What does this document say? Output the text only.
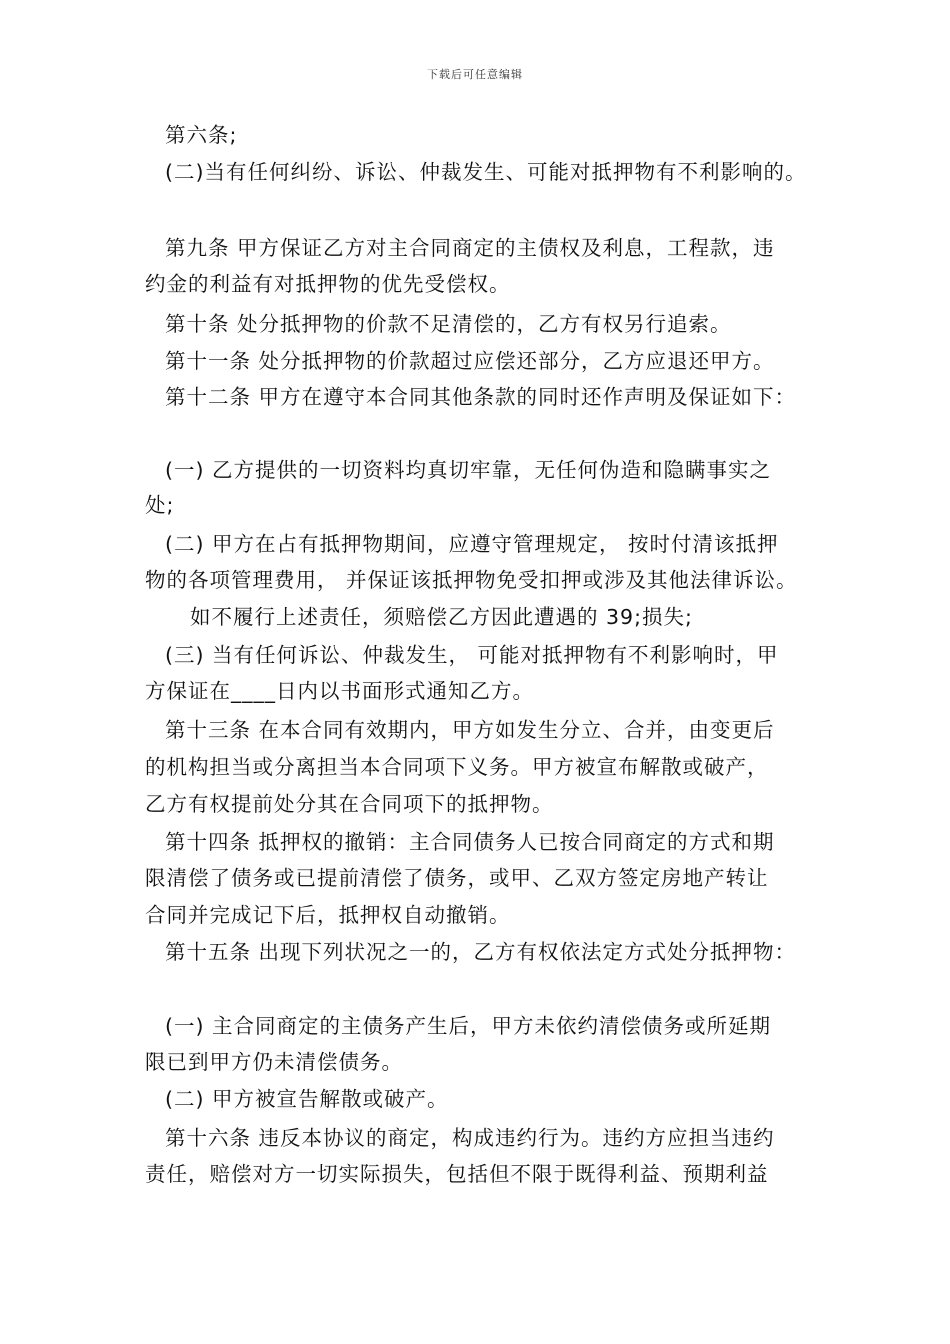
下载后可任意编辑
第六条;
(二)当有任何纠纷、诉讼、仲裁发生、可能对抵押物有不利影响的。
第九条 甲方保证乙方对主合同商定的主债权及利息，工程款，违
约金的利益有对抵押物的优先受偿权。
第十条 处分抵押物的价款不足清偿的，乙方有权另行追索。
第十一条 处分抵押物的价款超过应偿还部分，乙方应退还甲方。
第十二条 甲方在遵守本合同其他条款的同时还作声明及保证如下：
(一) 乙方提供的一切资料均真切牢靠，无任何伪造和隐瞒事实之
处;
(二) 甲方在占有抵押物期间，应遵守管理规定， 按时付清该抵押
物的各项管理费用， 并保证该抵押物免受扣押或涉及其他法律诉讼。
如不履行上述责任，须赔偿乙方因此遭遇的 39;损失;
(三) 当有任何诉讼、仲裁发生， 可能对抵押物有不利影响时，甲
方保证在____日内以书面形式通知乙方。
第十三条 在本合同有效期内，甲方如发生分立、合并，由变更后
的机构担当或分离担当本合同项下义务。甲方被宣布解散或破产，
乙方有权提前处分其在合同项下的抵押物。
第十四条 抵押权的撤销：主合同债务人已按合同商定的方式和期
限清偿了债务或已提前清偿了债务，或甲、乙双方签定房地产转让
合同并完成记下后，抵押权自动撤销。
第十五条 出现下列状况之一的，乙方有权依法定方式处分抵押物：
(一) 主合同商定的主债务产生后，甲方未依约清偿债务或所延期
限已到甲方仍未清偿债务。
(二) 甲方被宣告解散或破产。
第十六条 违反本协议的商定，构成违约行为。违约方应担当违约
责任，赔偿对方一切实际损失，包括但不限于既得利益、预期利益
